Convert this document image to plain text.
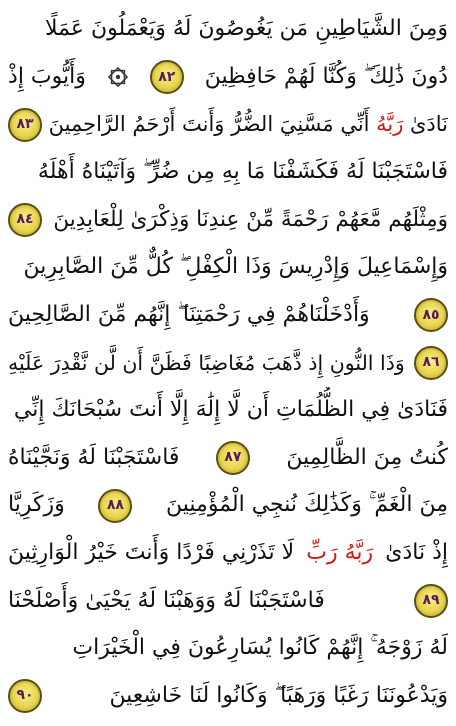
وَمِنَ الشَّيَاطِينِ مَن يَغُوصُونَ لَهُ وَيَعْمَلُونَ عَمَلًا
دُونَ ذَٰلِكَ ۖ وَكُنَّا لَهُمْ حَافِظِينَ
٨٢
وَأَيُّوبَ إِذْ
نَادَىٰ
رَبَّهُ
أَنِّي مَسَّنِيَ الضُّرُّ وَأَنتَ أَرْحَمُ الرَّاحِمِينَ
٨٣
فَاسْتَجَبْنَا لَهُ فَكَشَفْنَا مَا بِهِ مِن ضُرٍّ ۖ وَآتَيْنَاهُ أَهْلَهُ
وَمِثْلَهُم مَّعَهُمْ رَحْمَةً مِّنْ عِندِنَا وَذِكْرَىٰ لِلْعَابِدِينَ
٨٤
وَإِسْمَاعِيلَ وَإِدْرِيسَ وَذَا الْكِفْلِ ۖ كُلٌّ مِّنَ الصَّابِرِينَ
٨٥
وَأَدْخَلْنَاهُمْ فِي رَحْمَتِنَا ۖ إِنَّهُم مِّنَ الصَّالِحِينَ
٨٦
وَذَا النُّونِ إِذ ذَّهَبَ مُغَاضِبًا فَظَنَّ أَن لَّن نَّقْدِرَ عَلَيْهِ
فَنَادَىٰ فِي الظُّلُمَاتِ أَن لَّا إِلَٰهَ إِلَّا أَنتَ سُبْحَانَكَ إِنِّي
كُنتُ مِنَ الظَّالِمِينَ
٨٧
فَاسْتَجَبْنَا لَهُ وَنَجَّيْنَاهُ
مِنَ الْغَمِّ ۚ وَكَذَٰلِكَ نُنجِي الْمُؤْمِنِينَ
٨٨
وَزَكَرِيَّا
إِذْ نَادَىٰ
رَبَّهُ رَبِّ
لَا تَذَرْنِي فَرْدًا وَأَنتَ خَيْرُ الْوَارِثِينَ
٨٩
فَاسْتَجَبْنَا لَهُ وَوَهَبْنَا لَهُ يَحْيَىٰ وَأَصْلَحْنَا
لَهُ زَوْجَهُ ۚ إِنَّهُمْ كَانُوا يُسَارِعُونَ فِي الْخَيْرَاتِ
وَيَدْعُونَنَا رَغَبًا وَرَهَبًا ۖ وَكَانُوا لَنَا خَاشِعِينَ
٩٠
